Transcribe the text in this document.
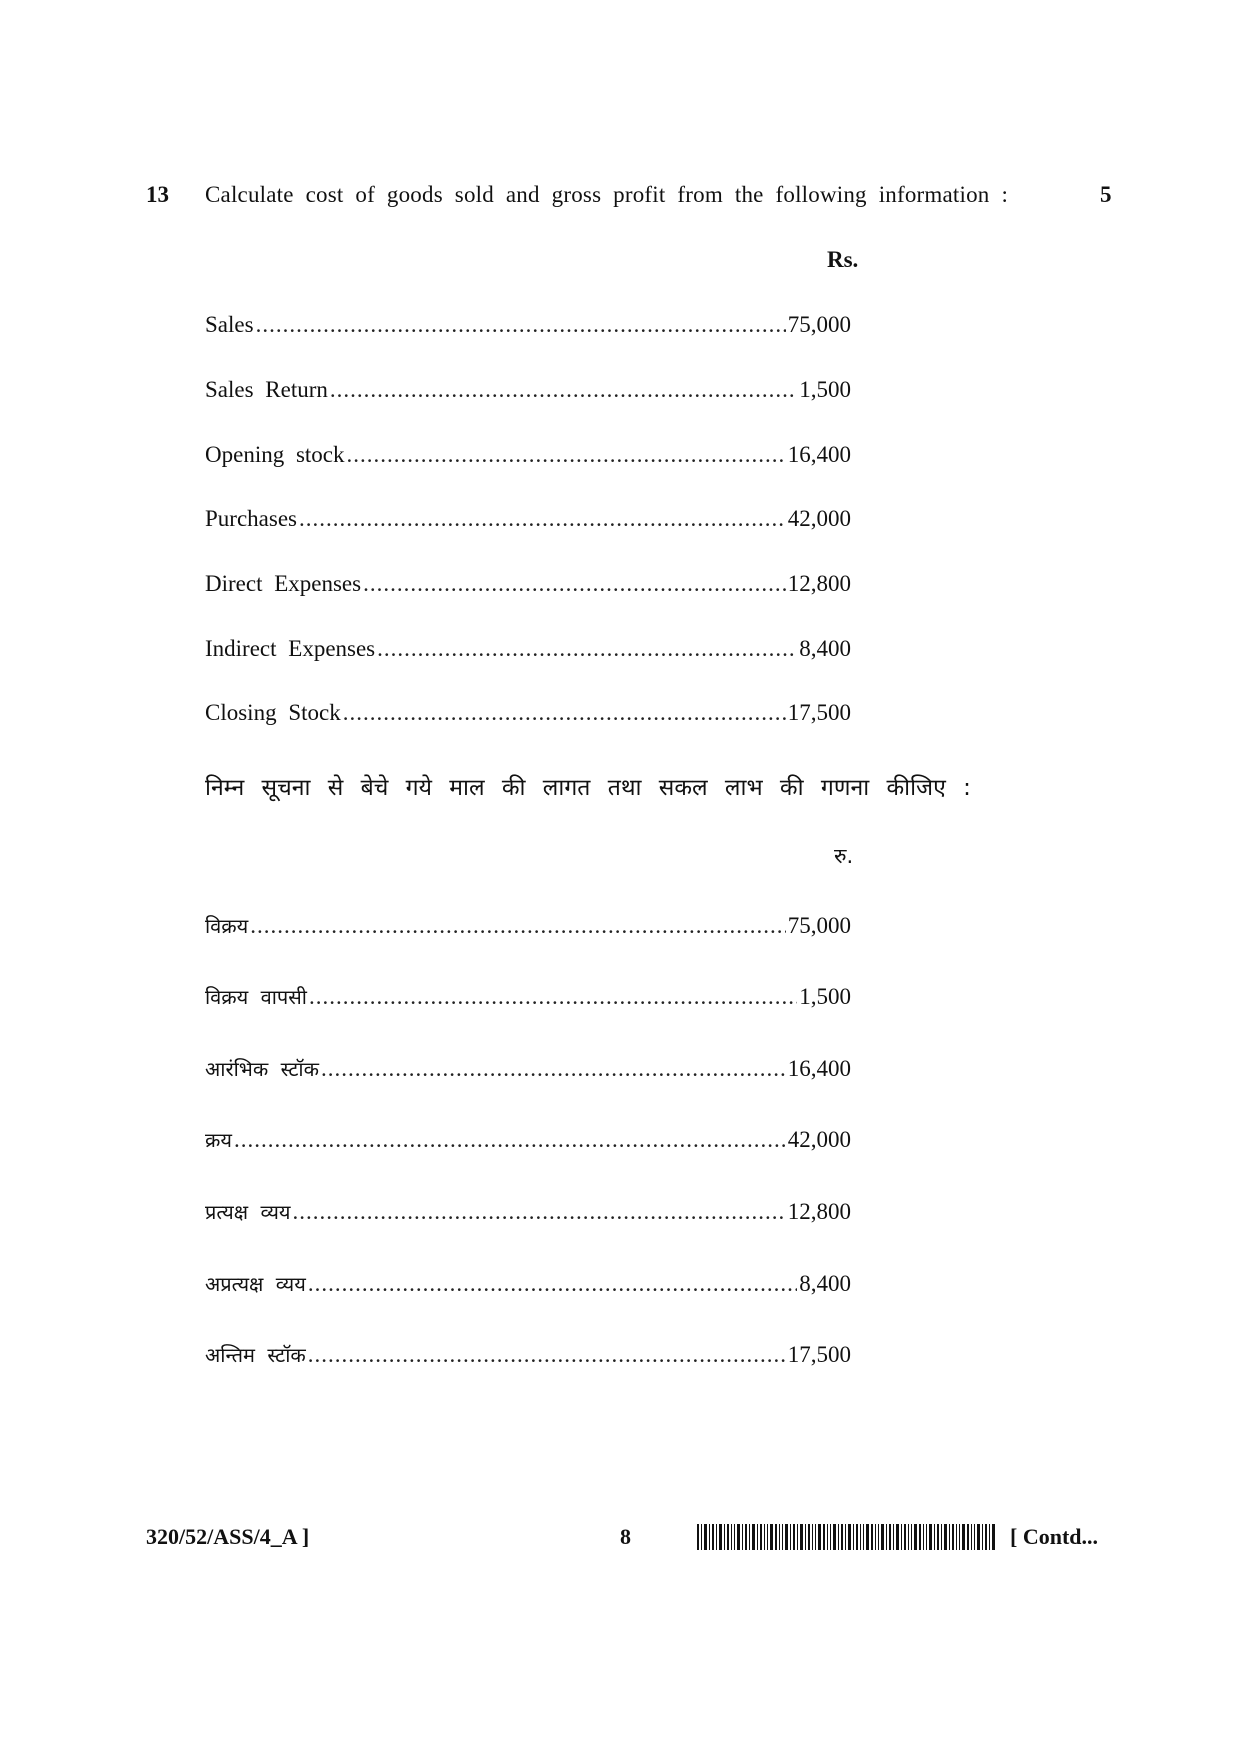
13 Calculate cost of goods sold and gross profit from the following information :	5
Rs.
Sales .....	75,000
Sales Return .....	1,500
Opening stock .....	16,400
Purchases .....	42,000
Direct Expenses .....	12,800
Indirect Expenses .....	8,400
Closing Stock .....	17,500
निम्न सूचना से बेचे गये माल की लागत तथा सकल लाभ की गणना कीजिए :
रु.
विक्रय .....	75,000
विक्रय वापसी .....	1,500
आरंभिक स्टॉक .....	16,400
क्रय .....	42,000
प्रत्यक्ष व्यय .....	12,800
अप्रत्यक्ष व्यय .....	8,400
अन्तिम स्टॉक .....	17,500
320/52/ASS/4_A ]	8	[ Contd...
